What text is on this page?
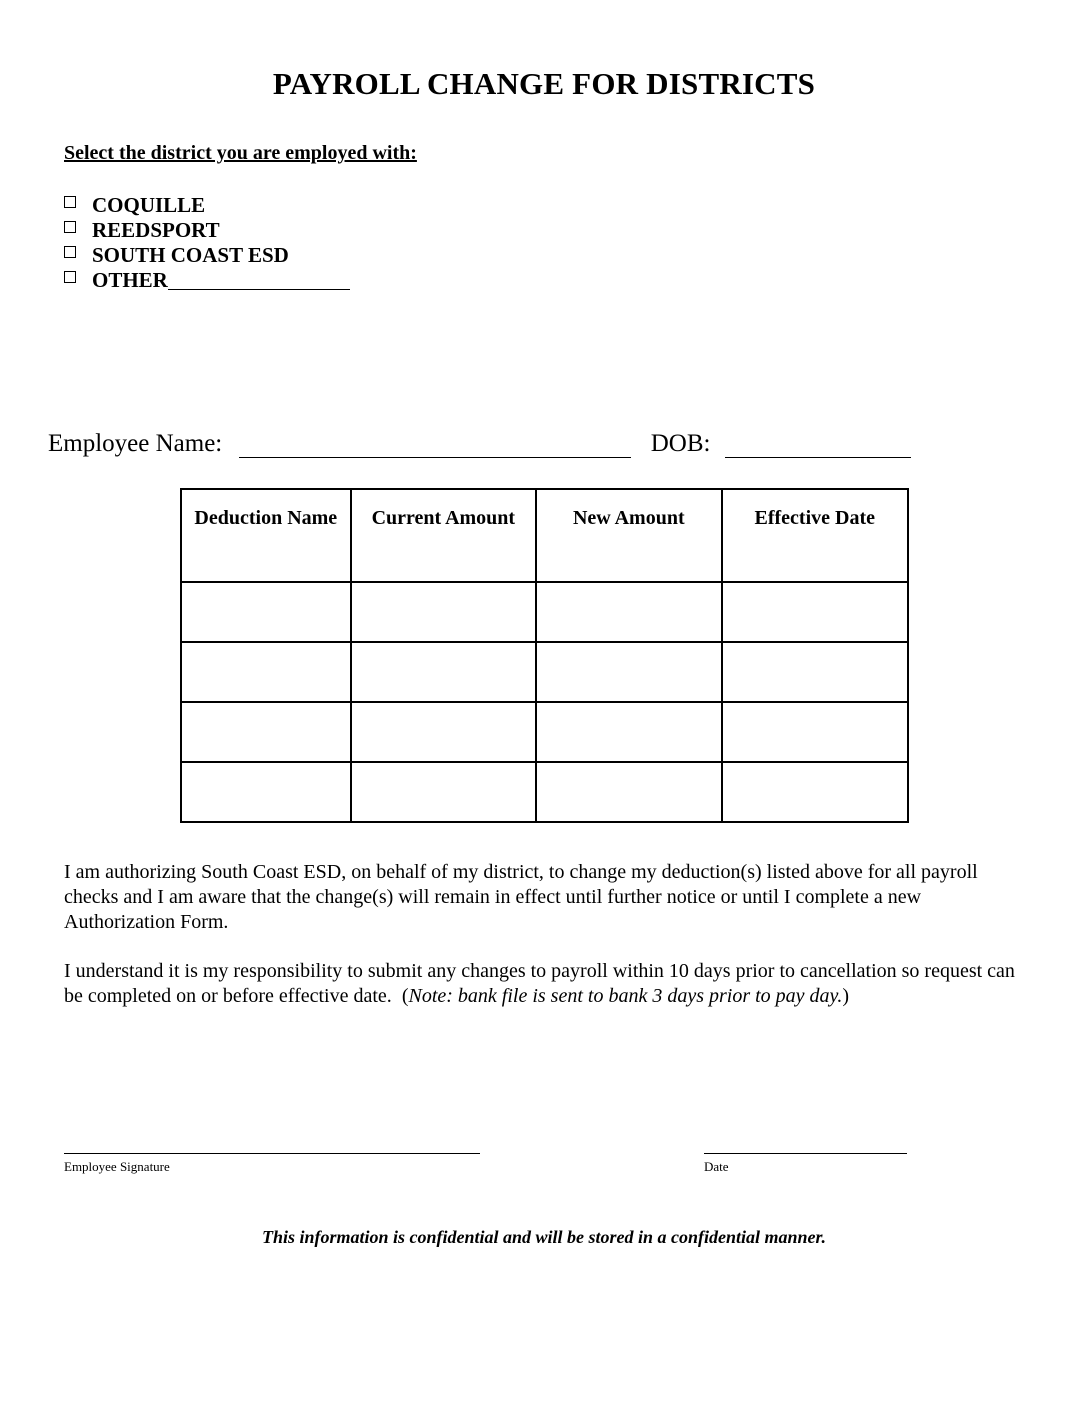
PAYROLL CHANGE FOR DISTRICTS
Select the district you are employed with:
COQUILLE
REEDSPORT
SOUTH COAST ESD
OTHER
Employee Name:	DOB:
Deduction Name	Current Amount	New Amount	Effective Date

I am authorizing South Coast ESD, on behalf of my district, to change my deduction(s) listed above for all payroll checks and I am aware that the change(s) will remain in effect until further notice or until I complete a new Authorization Form.
I understand it is my responsibility to submit any changes to payroll within 10 days prior to cancellation so request can be completed on or before effective date.  (Note: bank file is sent to bank 3 days prior to pay day.)
Employee Signature	Date
This information is confidential and will be stored in a confidential manner.
